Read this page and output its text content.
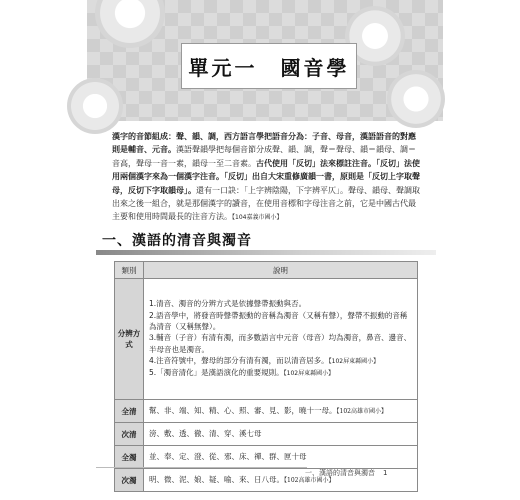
單元一　國音學

漢字的音節組成：聲、韻、調，西方語言學把語音分為：子音、母音，漢語語音的對應則是輔音、元音。漢語聲韻學把每個音節分成聲、韻、調，聲＝聲母、韻＝韻母、調＝音高，聲母一音一素，韻母一至二音素。古代使用「反切」法來標註注音。「反切」法使用兩個漢字來為一個漢字注音。「反切」出自大宋重修廣韻一書，原則是「反切上字取聲母，反切下字取韻母」。還有一口訣：「上字辨陰陽，下字辨平仄」。聲母、韻母、聲調取出來之後一組合，就是那個漢字的讀音，在使用音標和字母注音之前，它是中國古代最主要和使用時間最長的注音方法。【104嘉義市國小】

一、漢語的清音與濁音
類別	說明
分辨方式	1.清音、濁音的分辨方式是依據聲帶振動與否。

2.語音學中，將發音時聲帶振動的音稱為濁音（又稱有聲），聲帶不振動的音稱為清音（又稱無聲）。

3.輔音（子音）有清有濁，而多數語言中元音（母音）均為濁音，鼻音、邊音、半母音也是濁音。

4.注音符號中，聲母的部分有清有濁，而以清音居多。【102屏東縣國小】

5.「濁音清化」是漢語演化的重要規則。【102屏東縣國小】

全清	幫、非、端、知、精、心、照、審、見、影，曉十一母。【102高雄市國小】
次清	滂、敷、透、徹、清、穿、溪七母
全濁	並、奉、定、澄、從、邪、床、禪、群、匣十母
次濁	明、微、泥、娘、疑、喻、來、日八母。【102高雄市國小】
一、漢語的清音與濁音 1
